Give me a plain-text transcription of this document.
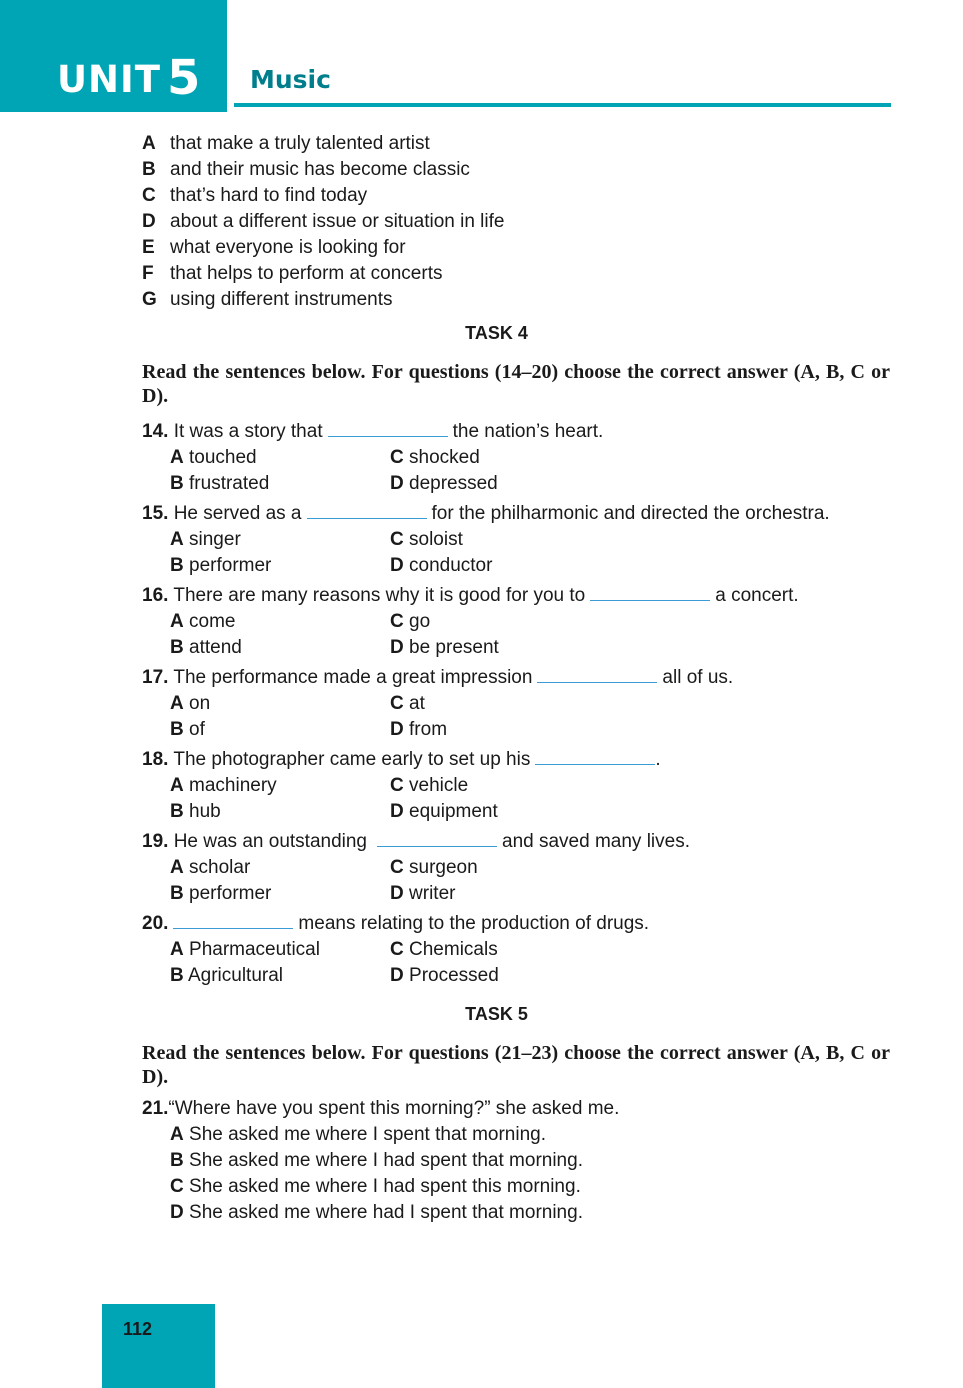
UNIT 5 Music
A that make a truly talented artist
B and their music has become classic
C that’s hard to find today
D about a different issue or situation in life
E what everyone is looking for
F that helps to perform at concerts
G using different instruments
TASK 4
Read the sentences below. For questions (14–20) choose the correct answer (A, B, C or D).
14. It was a story that	the nation’s heart.
A touched	C shocked
B frustrated	D depressed
15. He served as a	for the philharmonic and directed the orchestra.
A singer	C soloist
B performer	D conductor
16. There are many reasons why it is good for you to	a concert.
A come	C go
B attend	D be present
17. The performance made a great impression	all of us.
A on	C at
B of	D from
18. The photographer came early to set up his	.
A machinery	C vehicle
B hub	D equipment
19. He was an outstanding	and saved many lives.
A scholar	C surgeon
B performer	D writer
20.	means relating to the production of drugs.
A Pharmaceutical	C Chemicals
B Agricultural	D Processed
TASK 5
Read the sentences below. For questions (21–23) choose the correct answer (A, B, C or D).
21.“Where have you spent this morning?” she asked me.
A She asked me where I spent that morning.
B She asked me where I had spent that morning.
C She asked me where I had spent this morning.
D She asked me where had I spent that morning.
112
